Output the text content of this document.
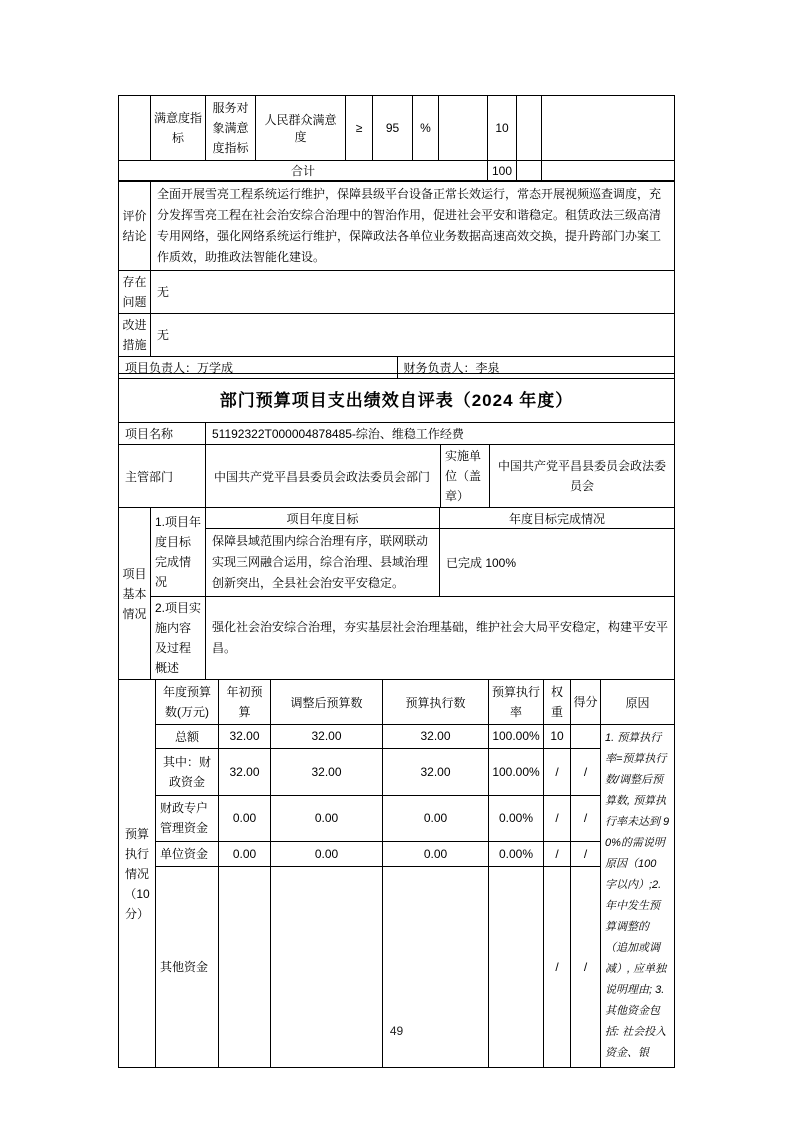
	满意度指标	服务对象满意度指标	人民群众满意度	≥	95	%		10		
合计								100		
评价结论	全面开展雪亮工程系统运行维护，保障县级平台设备正常长效运行，常态开展视频巡查调度，充分发挥雪亮工程在社会治安综合治理中的智治作用，促进社会平安和谐稳定。租赁政法三级高清专用网络，强化网络系统运行维护，保障政法各单位业务数据高速高效交换，提升跨部门办案工作质效，助推政法智能化建设。									
存在问题	无									
改进措施	无									

项目负责人：万学成 财务负责人：李泉										
部门预算项目支出绩效自评表（2024 年度）
项目名称	51192322T000004878485-综治、维稳工作经费
主管部门	中国共产党平昌县委员会政法委员会部门	实施单位（盖章）	中国共产党平昌县委员会政法委员会
项目基本情况	1.项目年度目标完成情况	项目年度目标	年度目标完成情况
		保障县域范围内综合治理有序，联网联动实现三网融合运用，综合治理、县域治理创新突出，全县社会治安平安稳定。	已完成 100%
	2.项目实施内容及过程概述	强化社会治安综合治理，夯实基层社会治理基础，维护社会大局平安稳定，构建平安平昌。	
预算执行情况（10分）	年度预算数(万元)	年初预算	调整后预算数	预算执行数	预算执行率	权重	得分	原因
	总额	32.00	32.00	32.00	100.00%	10		1. 预算执行率=预算执行数/调整后预算数, 预算执行率未达到 90%的需说明原因（100 字以内）;2. 年中发生预算调整的（追加或调减）, 应单独说明理由; 3. 其他资金包括: 社会投入资金、银
	其中：财政资金	32.00	32.00	32.00	100.00%	/	/	
	财政专户管理资金	0.00	0.00	0.00	0.00%	/	/	
	单位资金	0.00	0.00	0.00	0.00%	/	/	
	其他资金					/	/	
49
